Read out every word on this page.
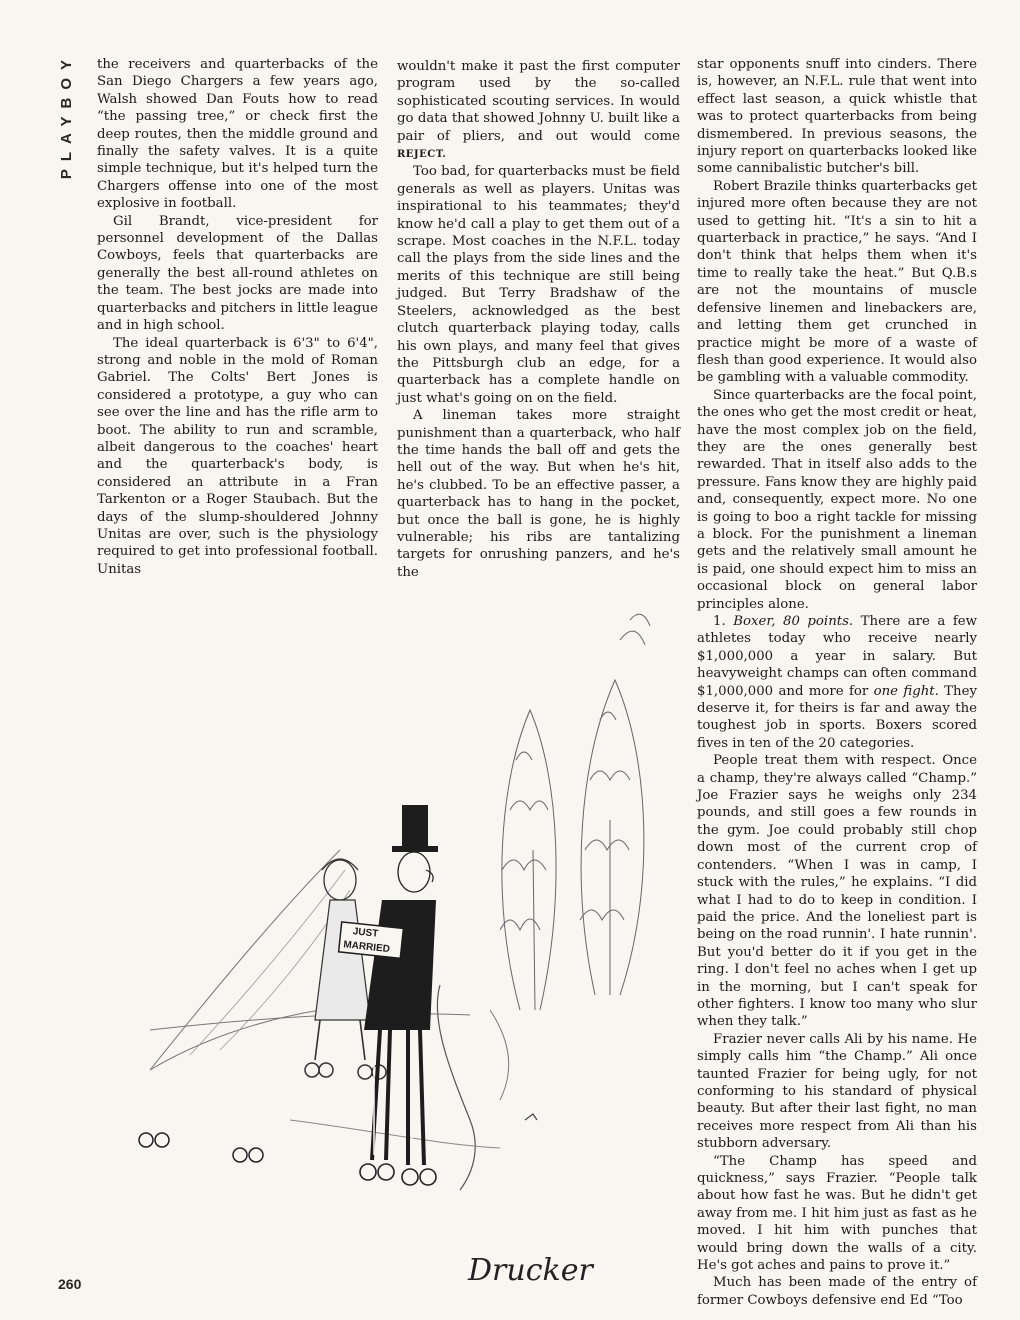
PLAYBOY	the receivers and quarterbacks of the San Diego Chargers a few years ago, Walsh showed Dan Fouts how to read “the passing tree,” or check first the deep routes, then the middle ground and finally the safety valves. It is a quite simple technique, but it's helped turn the Chargers offense into one of the most explosive in football.

Gil Brandt, vice-president for personnel development of the Dallas Cowboys, feels that quarterbacks are generally the best all-round athletes on the team. The best jocks are made into quarterbacks and pitchers in little league and in high school.

The ideal quarterback is 6'3" to 6'4", strong and noble in the mold of Roman Gabriel. The Colts' Bert Jones is considered a prototype, a guy who can see over the line and has the rifle arm to boot. The ability to run and scramble, albeit dangerous to the coaches' heart and the quarterback's body, is considered an attribute in a Fran Tarkenton or a Roger Staubach. But the days of the slump-shouldered Johnny Unitas are over, such is the physiology required to get into professional football. Unitas

wouldn't make it past the first computer program used by the so-called sophisticated scouting services. In would go data that showed Johnny U. built like a pair of pliers, and out would come REJECT.

Too bad, for quarterbacks must be field generals as well as players. Unitas was inspirational to his teammates; they'd know he'd call a play to get them out of a scrape. Most coaches in the N.F.L. today call the plays from the side lines and the merits of this technique are still being judged. But Terry Bradshaw of the Steelers, acknowledged as the best clutch quarterback playing today, calls his own plays, and many feel that gives the Pittsburgh club an edge, for a quarterback has a complete handle on just what's going on on the field.

A lineman takes more straight punishment than a quarterback, who half the time hands the ball off and gets the hell out of the way. But when he's hit, he's clubbed. To be an effective passer, a quarterback has to hang in the pocket, but once the ball is gone, he is highly vulnerable; his ribs are tantalizing targets for onrushing panzers, and he's the

star opponents snuff into cinders. There is, however, an N.F.L. rule that went into effect last season, a quick whistle that was to protect quarterbacks from being dismembered. In previous seasons, the injury report on quarterbacks looked like some cannibalistic butcher's bill.

Robert Brazile thinks quarterbacks get injured more often because they are not used to getting hit. “It's a sin to hit a quarterback in practice,” he says. “And I don't think that helps them when it's time to really take the heat.” But Q.B.s are not the mountains of muscle defensive linemen and linebackers are, and letting them get crunched in practice might be more of a waste of flesh than good experience. It would also be gambling with a valuable commodity.

Since quarterbacks are the focal point, the ones who get the most credit or heat, have the most complex job on the field, they are the ones generally best rewarded. That in itself also adds to the pressure. Fans know they are highly paid and, consequently, expect more. No one is going to boo a right tackle for missing a block. For the punishment a lineman gets and the relatively small amount he is paid, one should expect him to miss an occasional block on general labor principles alone.

1. Boxer, 80 points. There are a few athletes today who receive nearly $1,000,000 a year in salary. But heavyweight champs can often command $1,000,000 and more for one fight. They deserve it, for theirs is far and away the toughest job in sports. Boxers scored fives in ten of the 20 categories.

People treat them with respect. Once a champ, they're always called “Champ.” Joe Frazier says he weighs only 234 pounds, and still goes a few rounds in the gym. Joe could probably still chop down most of the current crop of contenders. “When I was in camp, I stuck with the rules,” he explains. “I did what I had to do to keep in condition. I paid the price. And the loneliest part is being on the road runnin'. I hate runnin'. But you'd better do it if you get in the ring. I don't feel no aches when I get up in the morning, but I can't speak for other fighters. I know too many who slur when they talk.”

Frazier never calls Ali by his name. He simply calls him “the Champ.” Ali once taunted Frazier for being ugly, for not conforming to his standard of physical beauty. But after their last fight, no man receives more respect from Ali than his stubborn adversary.

“The Champ has speed and quickness,” says Frazier. “People talk about how fast he was. But he didn't get away from me. I hit him just as fast as he moved. I hit him with punches that would bring down the walls of a city. He's got aches and pains to prove it.”

Much has been made of the entry of former Cowboys defensive end Ed “Too

JUST
MARRIED
Drucker
260
